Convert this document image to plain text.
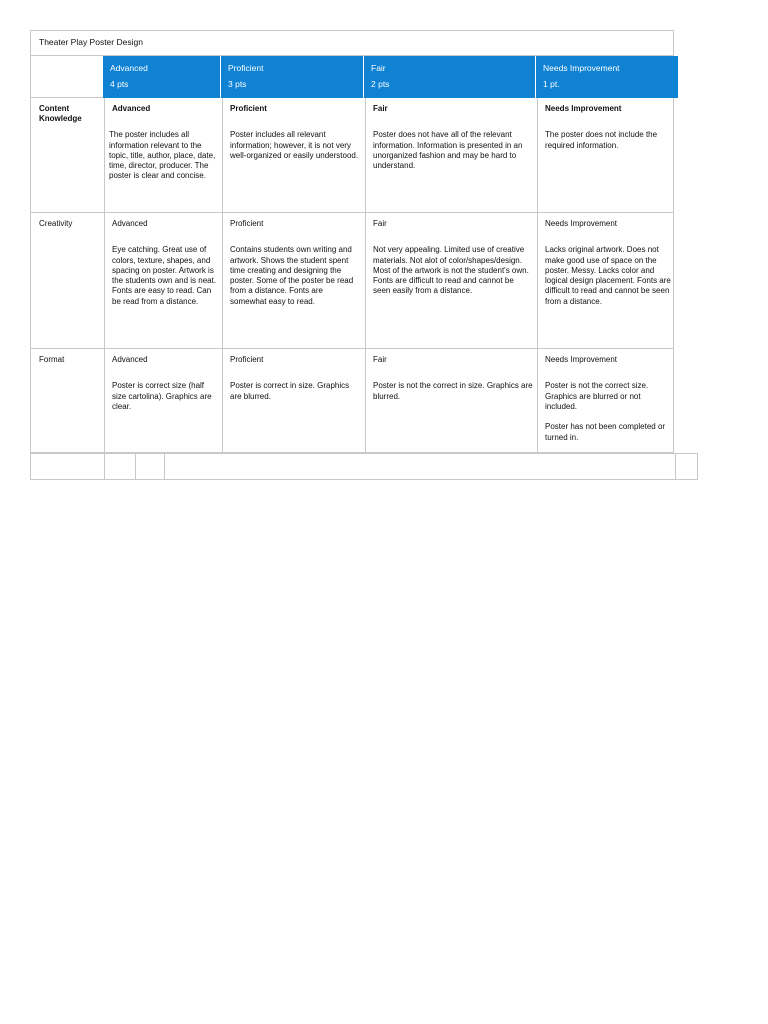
Theater Play Poster Design
Advanced
4 pts
Proficient
3 pts
Fair
2 pts
Needs Improvement
1 pt.
Content Knowledge
Advanced
The poster includes all information relevant to the topic, title, author, place, date, time, director, producer. The poster is clear and concise.
Proficient
Poster includes all relevant information; however, it is not very well-organized or easily understood.
Fair
Poster does not have all of the relevant information. Information is presented in an unorganized fashion and may be hard to understand.
Needs Improvement
The poster does not include the required information.
Creativity	Advanced
Eye catching. Great use of colors, texture, shapes, and spacing on poster. Artwork is the students own and is neat. Fonts are easy to read. Can be read from a distance.
Proficient
Contains students own writing and artwork. Shows the student spent time creating and designing the poster. Some of the poster be read from a distance. Fonts are somewhat easy to read.
Fair
Not very appealing. Limited use of creative materials. Not alot of color/shapes/design. Most of the artwork is not the student's own. Fonts are difficult to read and cannot be seen easily from a distance.
Needs Improvement
Lacks original artwork. Does not make good use of space on the poster. Messy. Lacks color and logical design placement. Fonts are difficult to read and cannot be seen from a distance.
Format	Advanced
Poster is correct size (half size cartolina). Graphics are clear.
Proficient
Poster is correct in size. Graphics are blurred.
Fair
Poster is not the correct in size. Graphics are blurred.
Needs Improvement
Poster is not the correct size. Graphics are blurred or not included.

Poster has not been completed or turned in.
